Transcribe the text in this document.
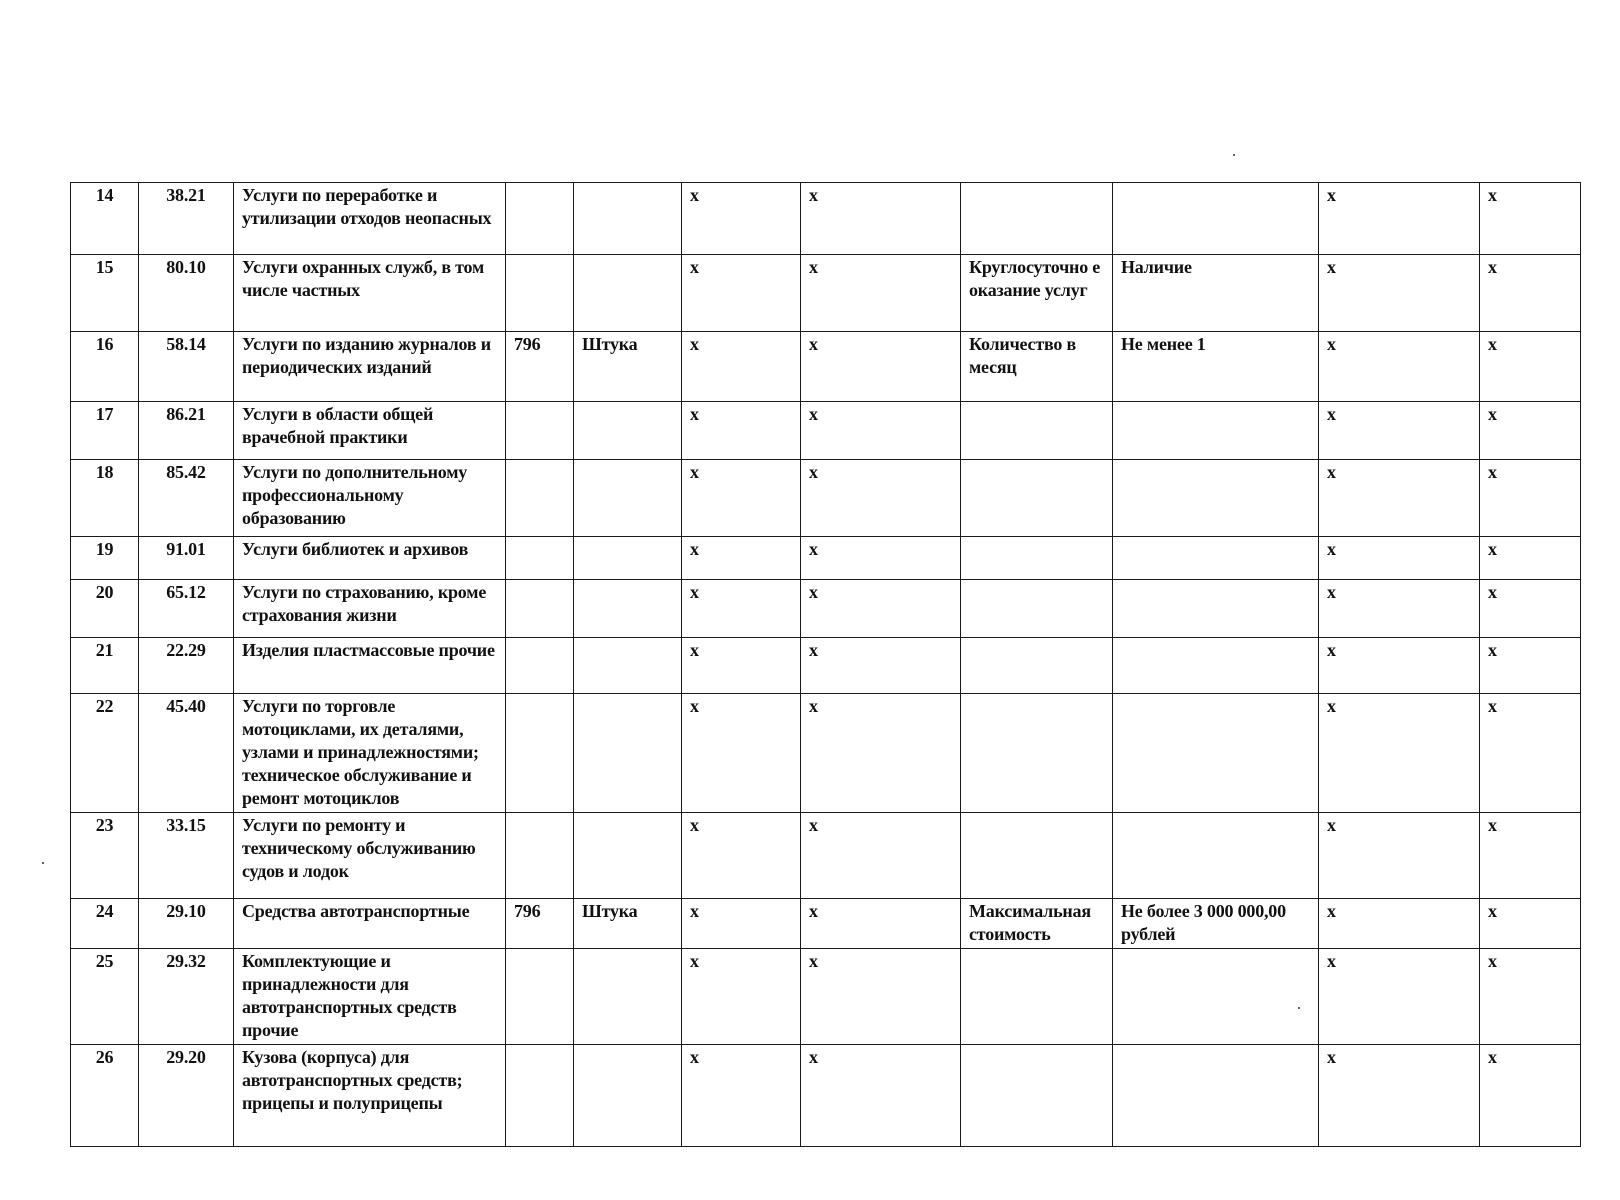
14	38.21	Услуги по переработке и утилизации отходов неопасных			x	x			x	x
15	80.10	Услуги охранных служб, в том числе частных			x	x	Круглосуточно е оказание услуг	Наличие	x	x
16	58.14	Услуги по изданию журналов и периодических изданий	796	Штука	x	x	Количество в месяц	Не менее 1	x	x
17	86.21	Услуги в области общей врачебной практики			x	x			x	x
18	85.42	Услуги по дополнительному профессиональному образованию			x	x			x	x
19	91.01	Услуги библиотек и архивов			x	x			x	x
20	65.12	Услуги по страхованию, кроме страхования жизни			x	x			x	x
21	22.29	Изделия пластмассовые прочие			x	x			x	x
22	45.40	Услуги по торговле мотоциклами, их деталями, узлами и принадлежностями; техническое обслуживание и ремонт мотоциклов			x	x			x	x
23	33.15	Услуги по ремонту и техническому обслуживанию судов и лодок			x	x			x	x
24	29.10	Средства автотранспортные	796	Штука	x	x	Максимальная стоимость	Не более 3 000 000,00 рублей	x	x
25	29.32	Комплектующие и принадлежности для автотранспортных средств прочие			x	x			x	x
26	29.20	Кузова (корпуса) для автотранспортных средств; прицепы и полуприцепы			x	x			x	x
